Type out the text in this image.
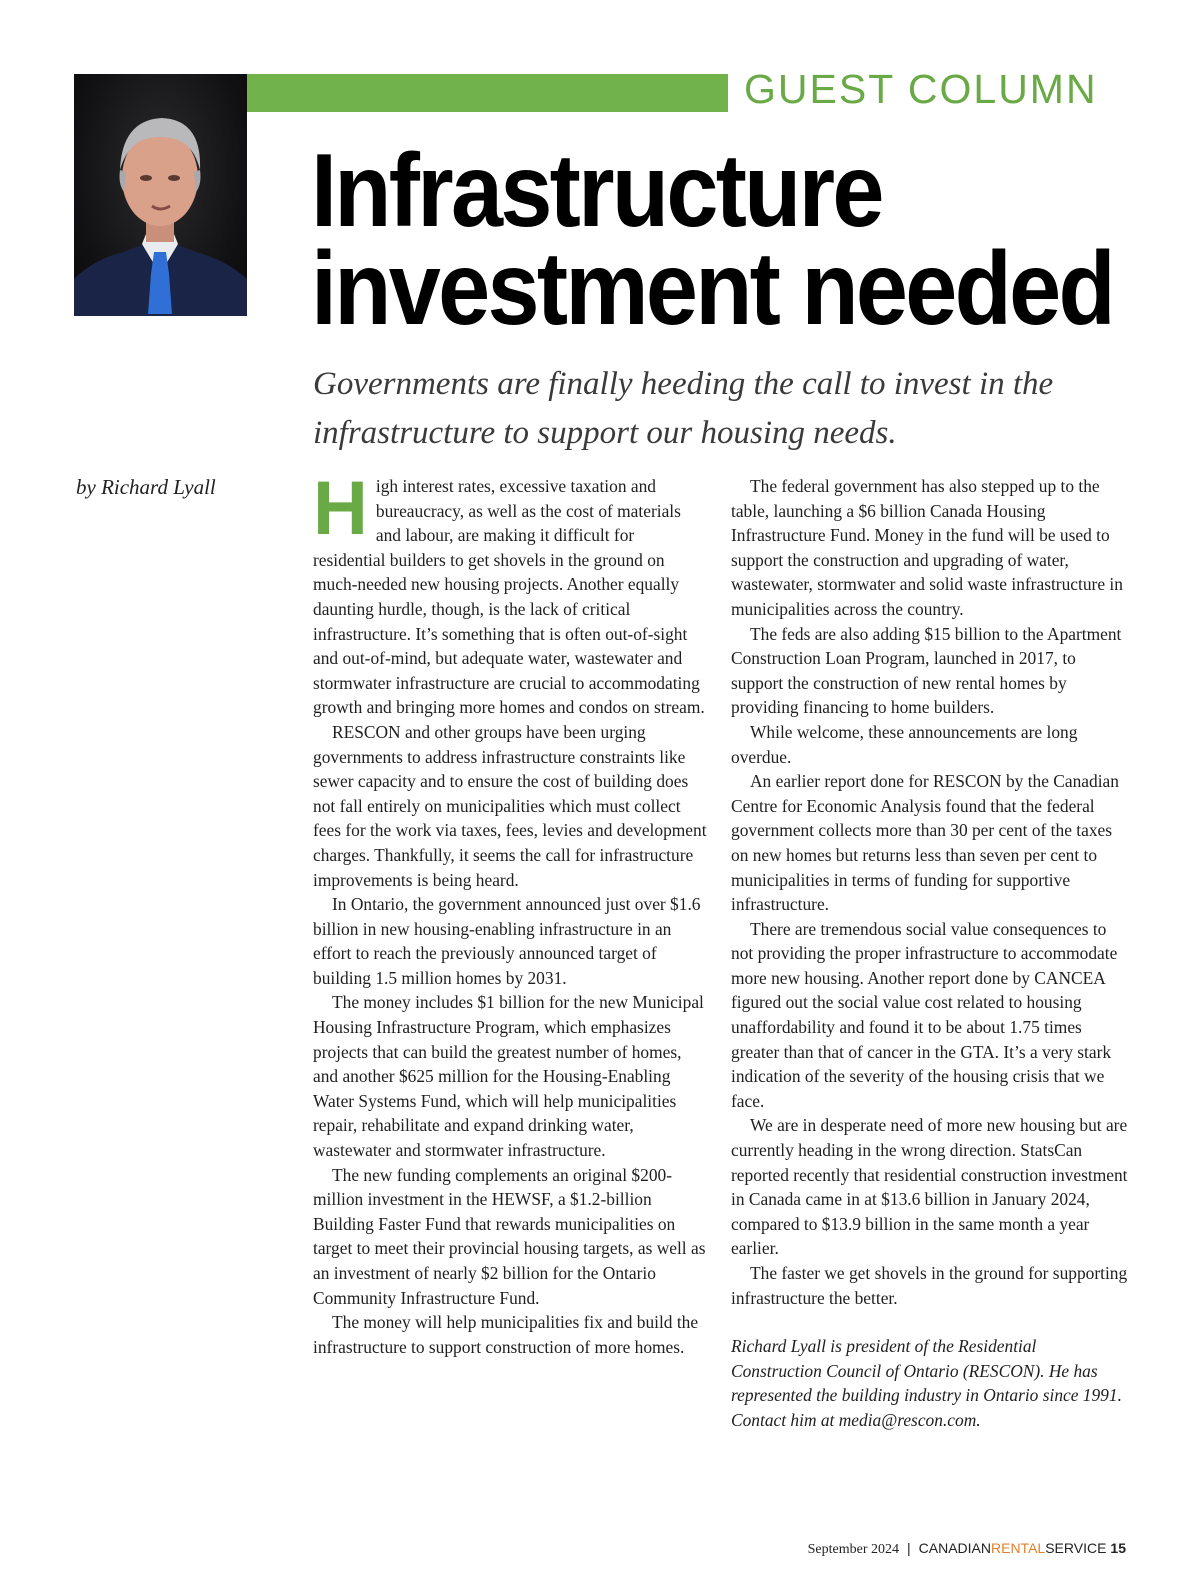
GUEST COLUMN
Infrastructure
investment needed
Governments are finally heeding the call to invest in the infrastructure to support our housing needs.
by Richard Lyall High interest rates, excessive taxation and bureaucracy, as well as the cost of materials and labour, are making it difficult for residential builders to get shovels in the ground on much-needed new housing projects. Another equally daunting hurdle, though, is the lack of critical infrastructure. It’s something that is often out-of-sight and out-of-mind, but adequate water, wastewater and stormwater infrastructure are crucial to accommodating growth and bringing more homes and condos on stream.

RESCON and other groups have been urging governments to address infrastructure constraints like sewer capacity and to ensure the cost of building does not fall entirely on municipalities which must collect fees for the work via taxes, fees, levies and development charges. Thankfully, it seems the call for infrastructure improvements is being heard.

In Ontario, the government announced just over $1.6 billion in new housing-enabling infrastructure in an effort to reach the previously announced target of building 1.5 million homes by 2031.

The money includes $1 billion for the new Municipal Housing Infrastructure Program, which emphasizes projects that can build the greatest number of homes, and another $625 million for the Housing-Enabling Water Systems Fund, which will help municipalities repair, rehabilitate and expand drinking water, wastewater and stormwater infrastructure.

The new funding complements an original $200-million investment in the HEWSF, a $1.2-billion Building Faster Fund that rewards municipalities on target to meet their provincial housing targets, as well as an investment of nearly $2 billion for the Ontario Community Infrastructure Fund.

The money will help municipalities fix and build the infrastructure to support construction of more homes.

The federal government has also stepped up to the table, launching a $6 billion Canada Housing Infrastructure Fund. Money in the fund will be used to support the construction and upgrading of water, wastewater, stormwater and solid waste infrastructure in municipalities across the country.

The feds are also adding $15 billion to the Apartment Construction Loan Program, launched in 2017, to support the construction of new rental homes by providing financing to home builders.

While welcome, these announcements are long overdue.

An earlier report done for RESCON by the Canadian Centre for Economic Analysis found that the federal government collects more than 30 per cent of the taxes on new homes but returns less than seven per cent to municipalities in terms of funding for supportive infrastructure.

There are tremendous social value consequences to not providing the proper infrastructure to accommodate more new housing. Another report done by CANCEA figured out the social value cost related to housing unaffordability and found it to be about 1.75 times greater than that of cancer in the GTA. It’s a very stark indication of the severity of the housing crisis that we face.

We are in desperate need of more new housing but are currently heading in the wrong direction. StatsCan reported recently that residential construction investment in Canada came in at $13.6 billion in January 2024, compared to $13.9 billion in the same month a year earlier.

The faster we get shovels in the ground for supporting infrastructure the better.

Richard Lyall is president of the Residential Construction Council of Ontario (RESCON). He has represented the building industry in Ontario since 1991. Contact him at media@rescon.com.

September 2024 | CANADIANRENTALSERVICE 15
